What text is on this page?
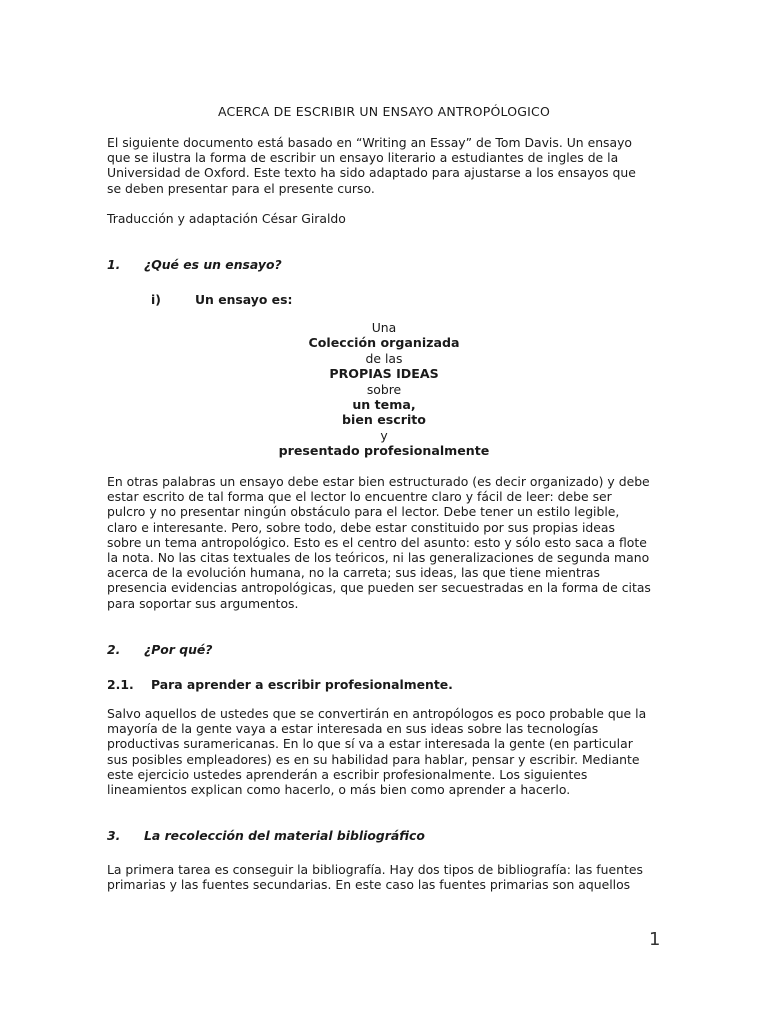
ACERCA DE ESCRIBIR UN ENSAYO ANTROPÓLOGICO

El siguiente documento está basado en “Writing an Essay” de Tom Davis. Un ensayo
que se ilustra la forma de escribir un ensayo literario a estudiantes de ingles de la
Universidad de Oxford. Este texto ha sido adaptado para ajustarse a los ensayos que
se deben presentar para el presente curso.

Traducción y adaptación César Giraldo

1. ¿Qué es un ensayo?
i)	Un ensayo es:
Una
Colección organizada
de las
PROPIAS IDEAS
sobre
un tema,
bien escrito
y
presentado profesionalmente

En otras palabras un ensayo debe estar bien estructurado (es decir organizado) y debe
estar escrito de tal forma que el lector lo encuentre claro y fácil de leer: debe ser
pulcro y no presentar ningún obstáculo para el lector. Debe tener un estilo legible,
claro e interesante. Pero, sobre todo, debe estar constituido por sus propias ideas
sobre un tema antropológico. Esto es el centro del asunto: esto y sólo esto saca a flote
la nota. No las citas textuales de los teóricos, ni las generalizaciones de segunda mano
acerca de la evolución humana, no la carreta; sus ideas, las que tiene mientras
presencia evidencias antropológicas, que pueden ser secuestradas en la forma de citas
para soportar sus argumentos.

2. ¿Por qué?
2.1. Para aprender a escribir profesionalmente.

Salvo aquellos de ustedes que se convertirán en antropólogos es poco probable que la
mayoría de la gente vaya a estar interesada en sus ideas sobre las tecnologías
productivas suramericanas. En lo que sí va a estar interesada la gente (en particular
sus posibles empleadores) es en su habilidad para hablar, pensar y escribir. Mediante
este ejercicio ustedes aprenderán a escribir profesionalmente. Los siguientes
lineamientos explican como hacerlo, o más bien como aprender a hacerlo.

3. La recolección del material bibliográfico

La primera tarea es conseguir la bibliografía. Hay dos tipos de bibliografía: las fuentes
primarias y las fuentes secundarias. En este caso las fuentes primarias son aquellos

1
